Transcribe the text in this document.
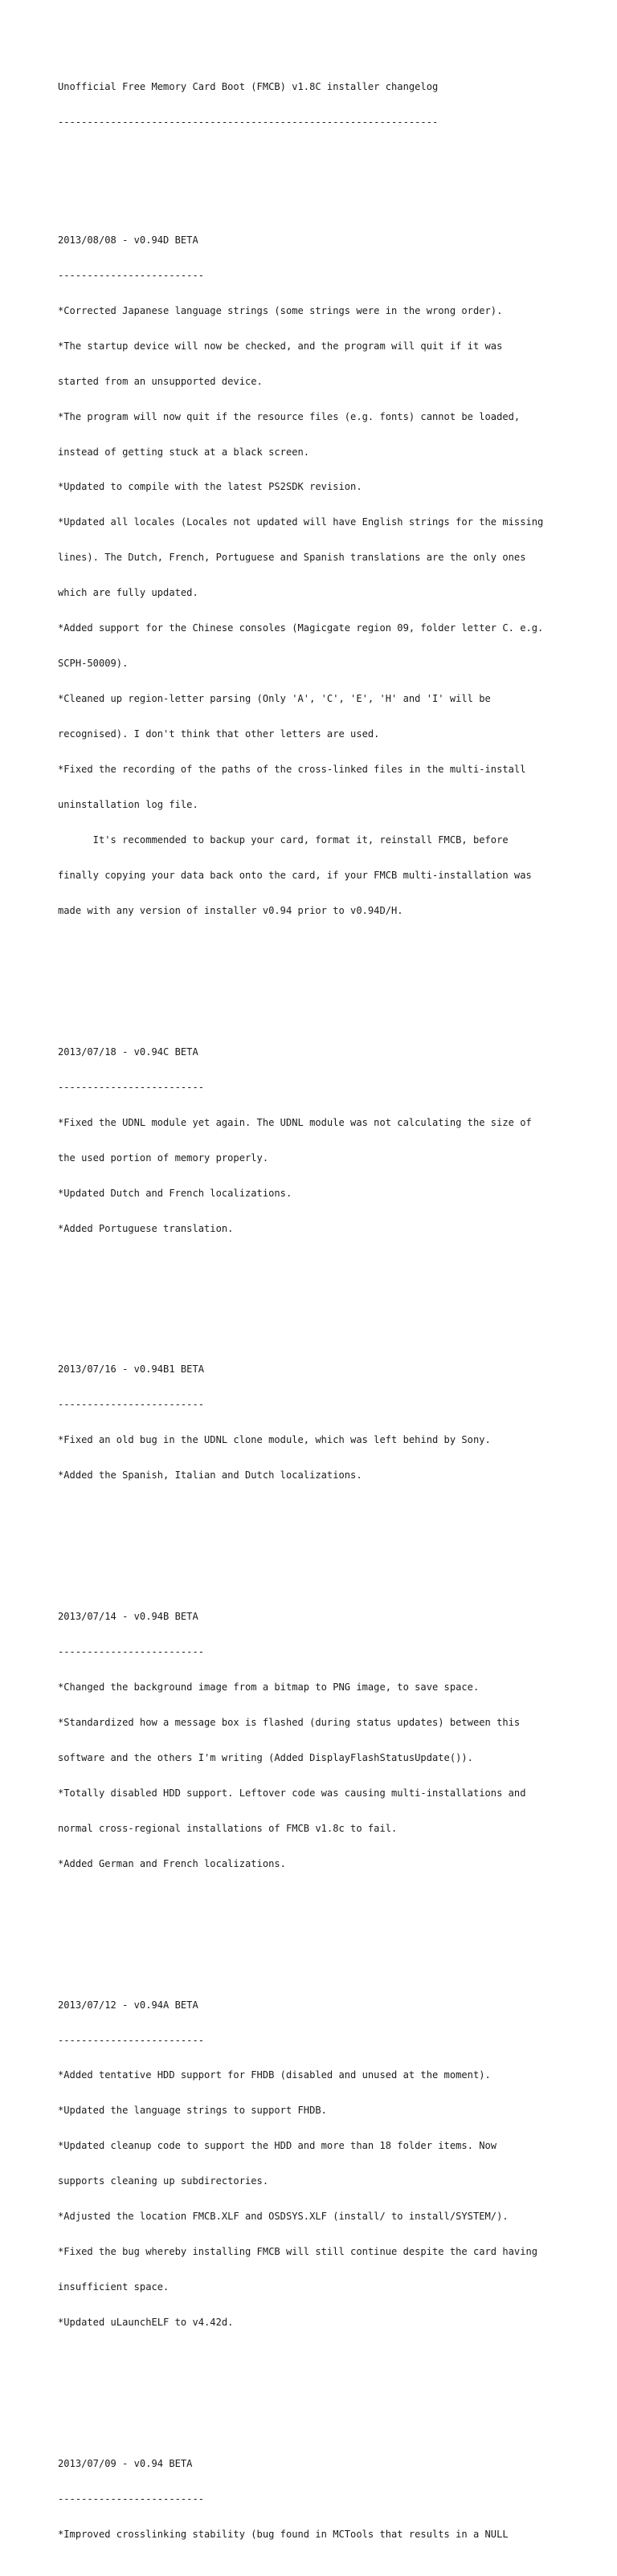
Unofficial Free Memory Card Boot (FMCB) v1.8C installer changelog

-----------------------------------------------------------------

2013/08/08 - v0.94D BETA

-------------------------

*Corrected Japanese language strings (some strings were in the wrong order).

*The startup device will now be checked, and the program will quit if it was

started from an unsupported device.

*The program will now quit if the resource files (e.g. fonts) cannot be loaded,

instead of getting stuck at a black screen.

*Updated to compile with the latest PS2SDK revision.

*Updated all locales (Locales not updated will have English strings for the missing

lines). The Dutch, French, Portuguese and Spanish translations are the only ones

which are fully updated.

*Added support for the Chinese consoles (Magicgate region 09, folder letter C. e.g.

SCPH-50009).

*Cleaned up region-letter parsing (Only 'A', 'C', 'E', 'H' and 'I' will be

recognised). I don't think that other letters are used.

*Fixed the recording of the paths of the cross-linked files in the multi-install

uninstallation log file.

It's recommended to backup your card, format it, reinstall FMCB, before

finally copying your data back onto the card, if your FMCB multi-installation was

made with any version of installer v0.94 prior to v0.94D/H.

2013/07/18 - v0.94C BETA

-------------------------

*Fixed the UDNL module yet again. The UDNL module was not calculating the size of

the used portion of memory properly.

*Updated Dutch and French localizations.

*Added Portuguese translation.

2013/07/16 - v0.94B1 BETA

-------------------------

*Fixed an old bug in the UDNL clone module, which was left behind by Sony.

*Added the Spanish, Italian and Dutch localizations.

2013/07/14 - v0.94B BETA

-------------------------

*Changed the background image from a bitmap to PNG image, to save space.

*Standardized how a message box is flashed (during status updates) between this

software and the others I'm writing (Added DisplayFlashStatusUpdate()).

*Totally disabled HDD support. Leftover code was causing multi-installations and

normal cross-regional installations of FMCB v1.8c to fail.

*Added German and French localizations.

2013/07/12 - v0.94A BETA

-------------------------

*Added tentative HDD support for FHDB (disabled and unused at the moment).

*Updated the language strings to support FHDB.

*Updated cleanup code to support the HDD and more than 18 folder items. Now

supports cleaning up subdirectories.

*Adjusted the location FMCB.XLF and OSDSYS.XLF (install/ to install/SYSTEM/).

*Fixed the bug whereby installing FMCB will still continue despite the card having

insufficient space.

*Updated uLaunchELF to v4.42d.

2013/07/09 - v0.94 BETA

-------------------------

*Improved crosslinking stability (bug found in MCTools that results in a NULL
